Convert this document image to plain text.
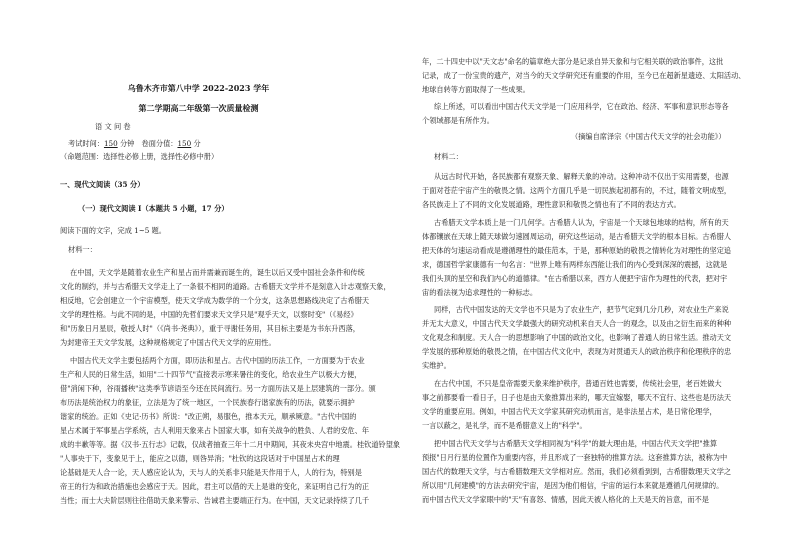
乌鲁木齐市第八中学 2022-2023 学年
第二学期高二年级第一次质量检测
语 文 问 卷
考试时间：150 分钟　卷面分值：150 分
（命题范围：选择性必修上册，选择性必修中册）
一、现代文阅读（35 分）
（一）现代文阅读 I（本题共 5 小题，17 分）
阅读下面的文字，完成 1~5 题。
材料一：
在中国，天文学是随着农业生产和星占而并需兼而诞生的，诞生以后又受中国社会条件和传统
文化的制约，并与古希腊天文学走上了一条很不相同的道路。古希腊天文学并不是刻意入计志观察天象，
相反地，它会创建立一个宇宙模型，使天文学成为数学的一个分支，这条思想路线决定了古希腊天
文学的理性格。与此不同的是，中国的先哲们要求天文学只是"观乎天文，以察时变"（《易经》
和"历象日月星辰，敬授人时"（《尚书·尧典》），重于寻谢任务用，其目标主要是为书东升西落，
为封建帝王天文学发展，这种规格规定了中国古代天文学的应用性。
中国古代天文学主要包括两个方面，即历法和星占。古代中国的历法工作，一方面要为于农业
生产和人民的日常生活，如用"二十四节气"直接表示寒来暑往的变化，给农业生产以极大方便，
借"消闲下种，谷雨播秧"这类季节谚语至今还在民间流行。另一方面历法又是上层建筑的一部分。颁
布历法是统治权力的象征，立法是为了统一地区，一个民族春行谐家族有的历法，就要示拥护
谐家的统治。正如《史记·历书》所说："改正朔，易服色，推本天元，顺承厥意。"古代中国的
星占术属于军事星占学系统，古人利用天象来占卜国家大事，如有关战争的胜负、人君的安危、年
成的丰歉等等。据《汉书·五行志》记载，仅战者抽查三年十二月中期间，其夜未央宫中地震。桂钦道铃望象
"人事央于下，变象见于上，能应之以德，则咎异消；"杜钦的这段话对于中国星占术的理
论基础是天人合一论，天人感应论认为，天与人的关系非只能是天作用于人，人的行为，特别是
帝王的行为和政治措施也会感应于天。因此，君主可以借的天上是谁的变化，来证明自己行为的正
当性；而士大夫阶层则往往借助天象来警示、告诫君主要端正行为。在中国，天文记录持续了几千
年，二十四史中以"天文志"命名的篇章绝大部分是记录自异天象和与它相关联的政治事件，这批
记录，成了一份宝贵的遗产，对当今的天文学研究还有重要的作用，至今已在超新星遗迹、太阳活动、
地球自转等方面取得了一些成果。
综上所述，可以看出中国古代天文学是一门应用科学，它在政治、经济、军事和意识形态等各
个领域都是有所作为。
（摘编自席泽宗《中国古代天文学的社会功能》）
材料二：
从远古时代开始，各民族都有观察天象、解释天象的冲动。这种冲动不仅出于实用需要，也源
于面对苍茫宇宙产生的敬畏之情。这两个方面几乎是一切民族起初都有的，不过，随着文明成型，
各民族走上了不同的文化发展道路，理性意识和敬畏之情也有了不同的表达方式。
古希腊天文学本质上是一门几何学。古希腊人认为，宇宙是一个天球包地球的结构，所有的天
体都镶嵌在天球上随天球做匀速圆周运动，研究这些运动，是古希腊天文学的根本目标。古希腊人
把天体的匀速运动看成是遵循理性的最佳范本，于是，那种原始的敬畏之情转化为对理性的坚定追
求，德国哲学家康德有一句名言："世界上唯有两样东西能让我们的内心受到深深的震撼，这就是
我们头顶的星空和我们内心的道德律。"在古希腊以来，西方人便把宇宙作为理性的代表，把对宇
宙的看法视为追求理性的一种标志。
同样，古代中国发达的天文学也不只是为了农业生产，把节气定到几分几秒，对农业生产来说
并无太大意义，中国古代天文学最强大的研究动机来自天人合一的观念，以及由之衍生而来的种种
文化观念和制度。天人合一的思想影响了中国的政治文化，也影响了普通人的日常生活。推动天文
学发展的那种原始的敬畏之情，在中国古代文化中，表现为对贯通天人的政治秩序和伦理秩序的忠
实维护。
在古代中国，不只是皇帝需要天象来维护秩序，普通百姓也需要，传统社会里，老百姓做大
事之前都要看一看日子，日子也是由天象推算出来的，哪天宜嫁娶，哪天不宜行、这些也是历法天
文学的重要应用。例如，中国古代天文学家其研究动机而言，是非法星占术，是日常伦理学，
一言以蔽之，是礼学，而不是希腊意义上的"科学"。
把中国古代天文学与古希腊天文学相同视为"科学"的最大理由是，中国古代天文学把"推算
预报"日月行星的位置作为重要内容，并且形成了一套独特的推算方法。这套推算方法，被称为中
国古代的数理天文学，与古希腊数理天文学相对应。然而，我们必须看到到，古希腊数理天文学之
所以用"几何建模"的方法去研究宇宙，是因为他们相信，宇宙的运行本来就是遵循几何规律的。
而中国古代天文学家眼中的"天"有喜怒、情感，因此天被人格化的上天是天的旨意，而不是
